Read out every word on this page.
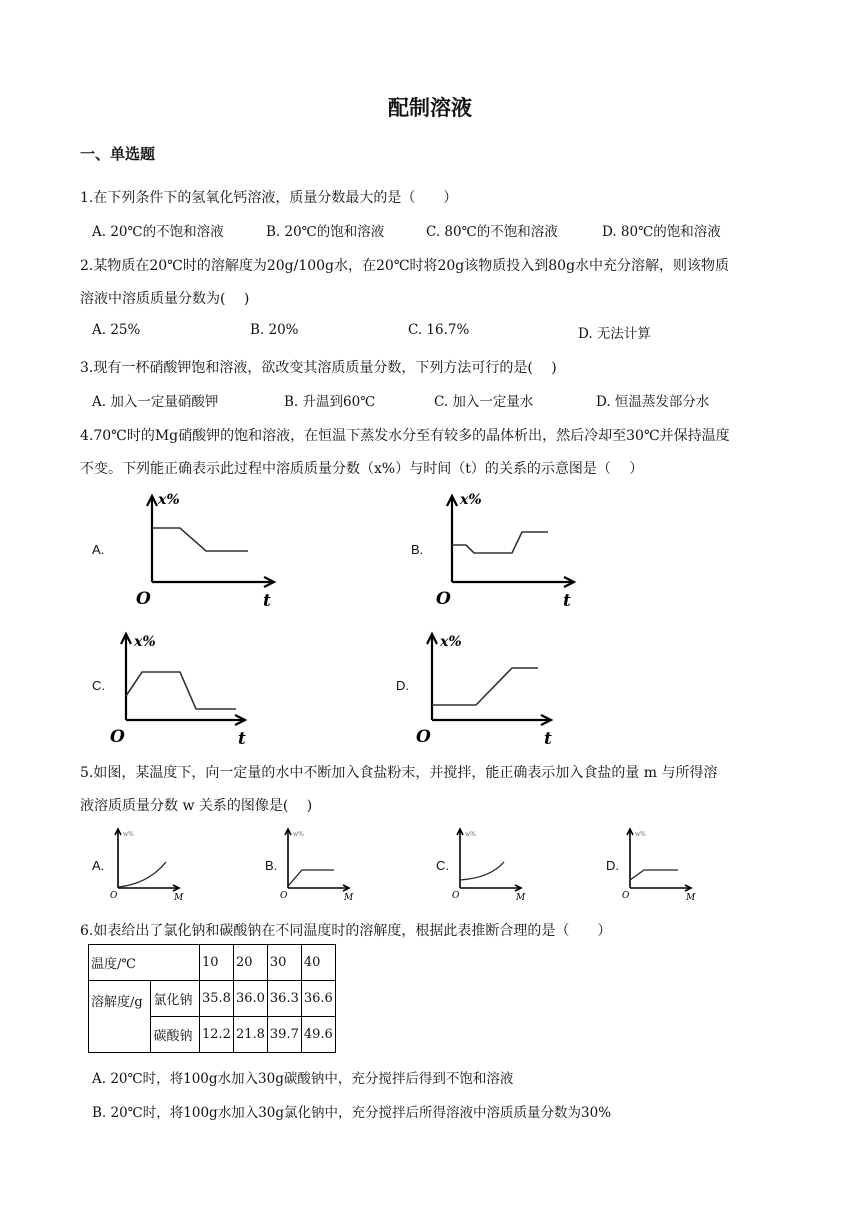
配制溶液
一、单选题
1.在下列条件下的氢氧化钙溶液，质量分数最大的是（　　）
A. 20℃的不饱和溶液	B. 20℃的饱和溶液	C. 80℃的不饱和溶液	D. 80℃的饱和溶液
2.某物质在20℃时的溶解度为20g/100g水，在20℃时将20g该物质投入到80g水中充分溶解，则该物质
溶液中溶质质量分数为(　 )
A. 25%	B. 20%	C. 16.7%	D. 无法计算
3.现有一杯硝酸钾饱和溶液，欲改变其溶质质量分数，下列方法可行的是(　 )
A. 加入一定量硝酸钾	B. 升温到60℃	C. 加入一定量水	D. 恒温蒸发部分水
4.70℃时的Mg硝酸钾的饱和溶液，在恒温下蒸发水分至有较多的晶体析出，然后冷却至30℃并保持温度
不变。下列能正确表示此过程中溶质质量分数（x%）与时间（t）的关系的示意图是（　 ）
A.
x%
O	t
B.
x%
O	t
C.
x%
O	t
D.
x%
O	t
5.如图，某温度下，向一定量的水中不断加入食盐粉末，并搅拌，能正确表示加入食盐的量 m 与所得溶
液溶质质量分数 w 关系的图像是(　 )
A.
w%
O	M
B.
w%
O	M
C.
w%
O	M
D.
w%
O	M
6.如表给出了氯化钠和碳酸钠在不同温度时的溶解度，根据此表推断合理的是（　　）
温度/℃		10	20	30	40
溶解度/g	氯化钠	35.8	36.0	36.3	36.6
	碳酸钠	12.2	21.8	39.7	49.6
A. 20℃时，将100g水加入30g碳酸钠中，充分搅拌后得到不饱和溶液
B. 20℃时，将100g水加入30g氯化钠中，充分搅拌后所得溶液中溶质质量分数为30%
